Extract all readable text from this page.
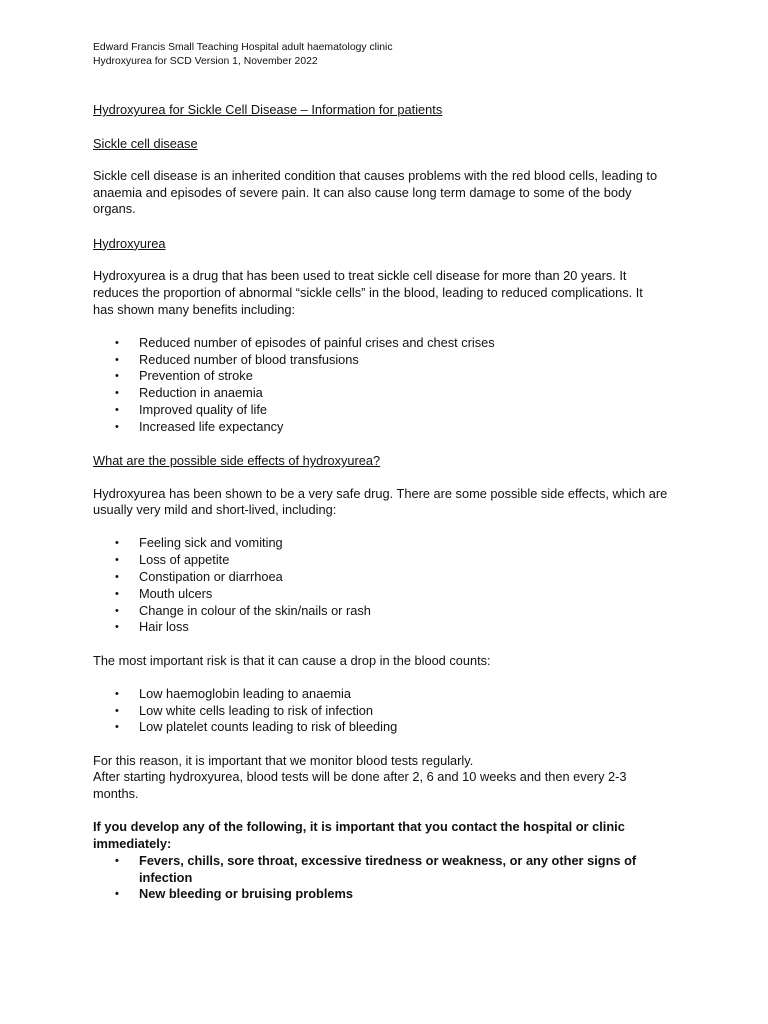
Edward Francis Small Teaching Hospital adult haematology clinic

Hydroxyurea for SCD Version 1, November 2022

Hydroxyurea for Sickle Cell Disease – Information for patients
Sickle cell disease

Sickle cell disease is an inherited condition that causes problems with the red blood cells, leading to

anaemia and episodes of severe pain. It can also cause long term damage to some of the body

organs.

Hydroxyurea

Hydroxyurea is a drug that has been used to treat sickle cell disease for more than 20 years. It

reduces the proportion of abnormal “sickle cells” in the blood, leading to reduced complications. It

has shown many benefits including:

• Reduced number of episodes of painful crises and chest crises
• Reduced number of blood transfusions
• Prevention of stroke
• Reduction in anaemia
• Improved quality of life
• Increased life expectancy
What are the possible side effects of hydroxyurea?

Hydroxyurea has been shown to be a very safe drug. There are some possible side effects, which are

usually very mild and short-lived, including:

• Feeling sick and vomiting
• Loss of appetite
• Constipation or diarrhoea
• Mouth ulcers
• Change in colour of the skin/nails or rash
• Hair loss

The most important risk is that it can cause a drop in the blood counts:

• Low haemoglobin leading to anaemia
• Low white cells leading to risk of infection
• Low platelet counts leading to risk of bleeding

For this reason, it is important that we monitor blood tests regularly.

After starting hydroxyurea, blood tests will be done after 2, 6 and 10 weeks and then every 2-3

months.

If you develop any of the following, it is important that you contact the hospital or clinic

immediately:

• Fevers, chills, sore throat, excessive tiredness or weakness, or any other signs of infection
• New bleeding or bruising problems
